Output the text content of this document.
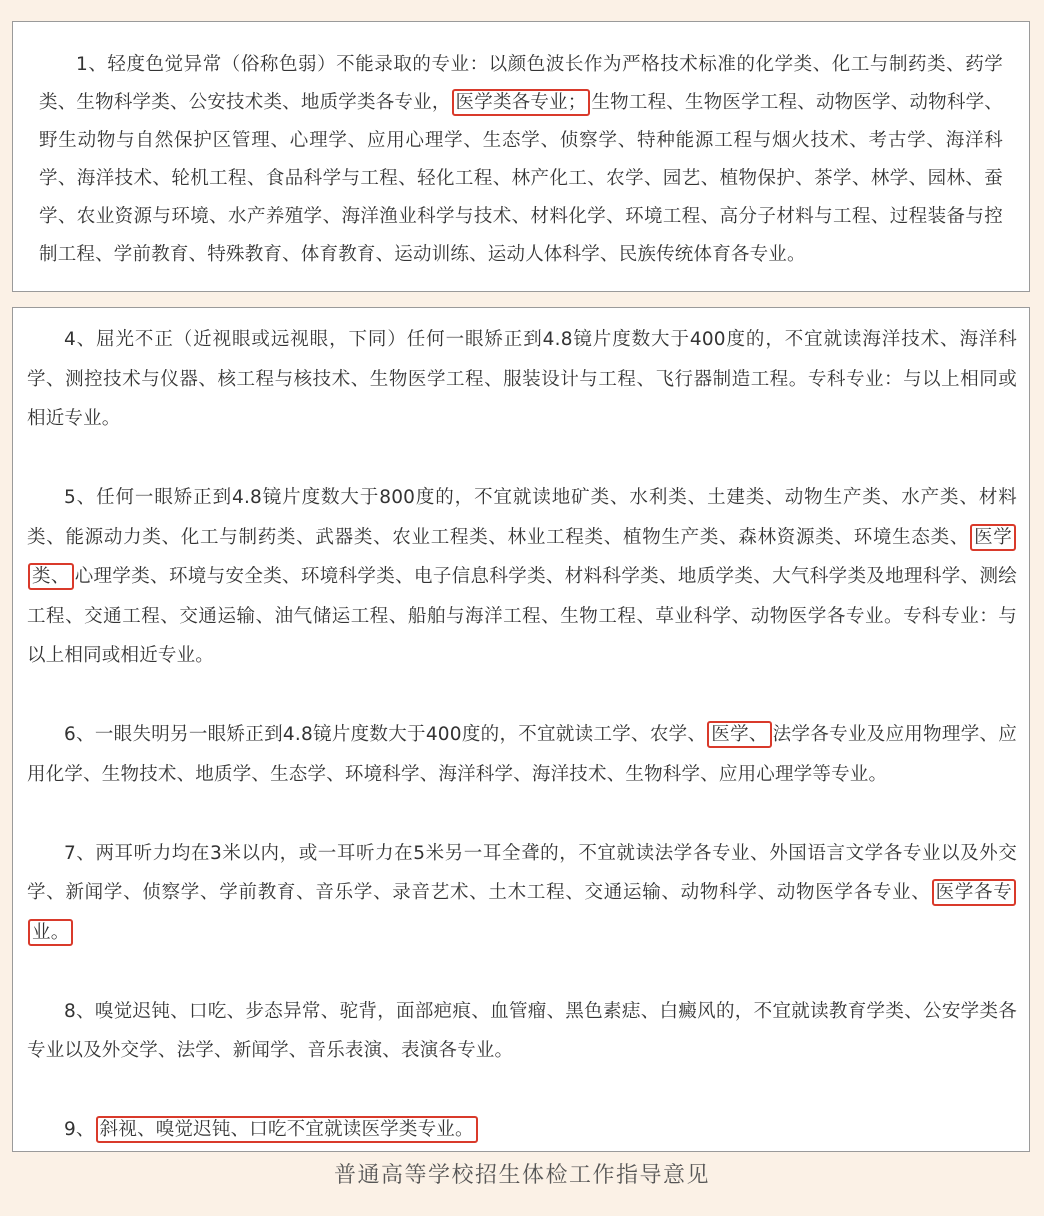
1、轻度色觉异常（俗称色弱）不能录取的专业：以颜色波长作为严格技术标准的化学类、化工与制药类、药学类、生物科学类、公安技术类、地质学类各专业， 医学类各专业； 生物工程、生物医学工程、动物医学、动物科学、野生动物与自然保护区管理、心理学、应用心理学、生态学、侦察学、特种能源工程与烟火技术、考古学、海洋科学、海洋技术、轮机工程、食品科学与工程、轻化工程、林产化工、农学、园艺、植物保护、茶学、林学、园林、蚕学、农业资源与环境、水产养殖学、海洋渔业科学与技术、材料化学、环境工程、高分子材料与工程、过程装备与控制工程、学前教育、特殊教育、体育教育、运动训练、运动人体科学、民族传统体育各专业。

4、屈光不正（近视眼或远视眼，下同）任何一眼矫正到4.8镜片度数大于400度的，不宜就读海洋技术、海洋科学、测控技术与仪器、核工程与核技术、生物医学工程、服装设计与工程、飞行器制造工程。专科专业：与以上相同或相近专业。

5、任何一眼矫正到4.8镜片度数大于800度的，不宜就读地矿类、水利类、土建类、动物生产类、水产类、材料类、能源动力类、化工与制药类、武器类、农业工程类、林业工程类、植物生产类、森林资源类、环境生态类、 医学类、 心理学类、环境与安全类、环境科学类、电子信息科学类、材料科学类、地质学类、大气科学类及地理科学、测绘工程、交通工程、交通运输、油气储运工程、船舶与海洋工程、生物工程、草业科学、动物医学各专业。专科专业：与以上相同或相近专业。

6、一眼失明另一眼矫正到4.8镜片度数大于400度的，不宜就读工学、农学、 医学、 法学各专业及应用物理学、应用化学、生物技术、地质学、生态学、环境科学、海洋科学、海洋技术、生物科学、应用心理学等专业。

7、两耳听力均在3米以内，或一耳听力在5米另一耳全聋的，不宜就读法学各专业、外国语言文学各专业以及外交学、新闻学、侦察学、学前教育、音乐学、录音艺术、土木工程、交通运输、动物科学、动物医学各专业、 医学各专业。

8、嗅觉迟钝、口吃、步态异常、驼背，面部疤痕、血管瘤、黑色素痣、白癜风的，不宜就读教育学类、公安学类各专业以及外交学、法学、新闻学、音乐表演、表演各专业。

9、 斜视、嗅觉迟钝、口吃不宜就读医学类专业。

普通高等学校招生体检工作指导意见
